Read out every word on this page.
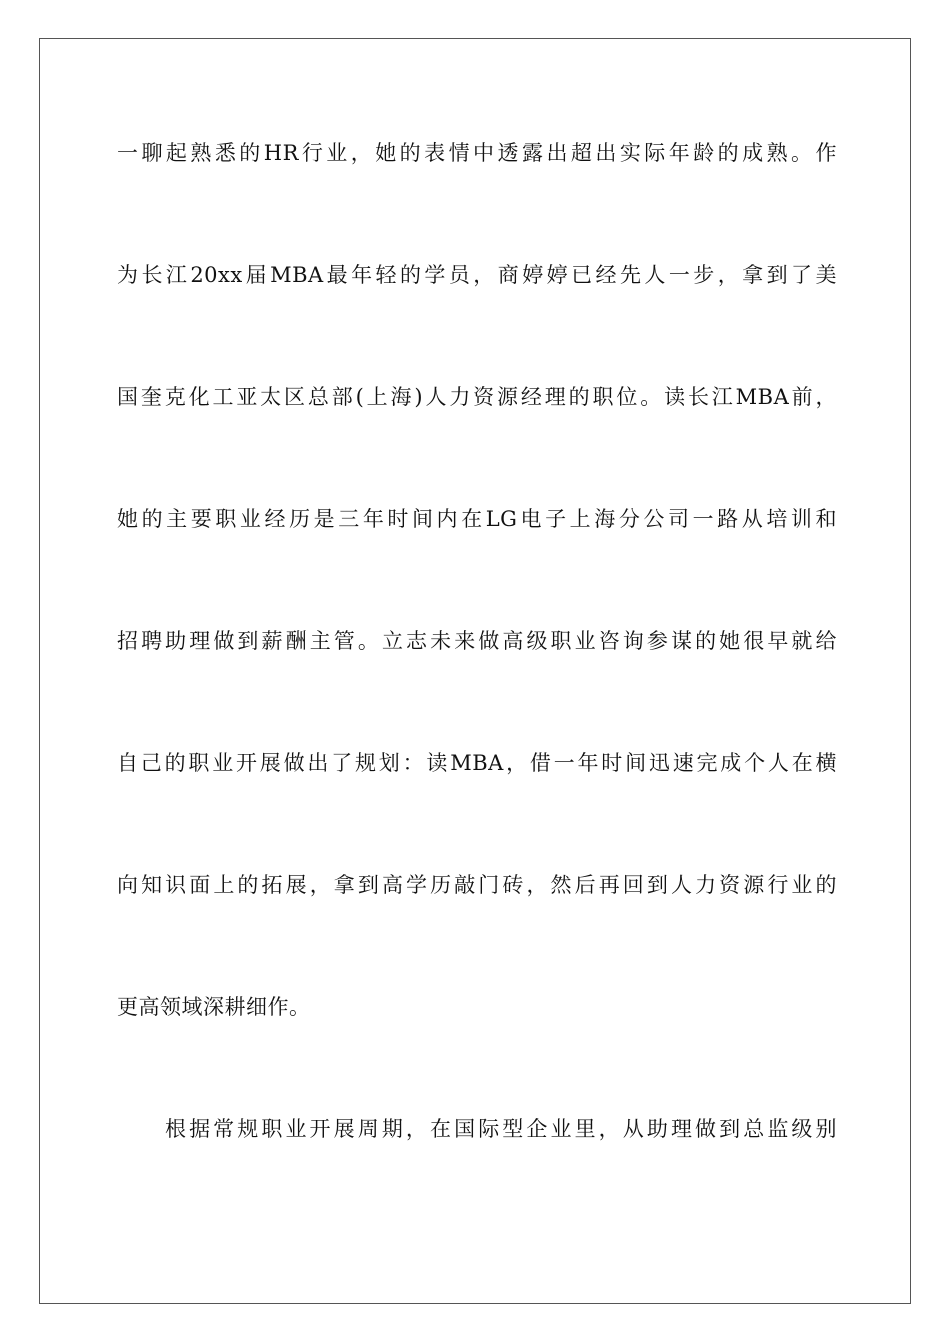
一聊起熟悉的HR行业，她的表情中透露出超出实际年龄的成熟。作
为长江20xx届MBA最年轻的学员，商婷婷已经先人一步，拿到了美
国奎克化工亚太区总部(上海)人力资源经理的职位。读长江MBA前，
她的主要职业经历是三年时间内在LG电子上海分公司一路从培训和
招聘助理做到薪酬主管。立志未来做高级职业咨询参谋的她很早就给
自己的职业开展做出了规划：读MBA，借一年时间迅速完成个人在横
向知识面上的拓展，拿到高学历敲门砖，然后再回到人力资源行业的
更高领域深耕细作。
根据常规职业开展周期，在国际型企业里，从助理做到总监级别
